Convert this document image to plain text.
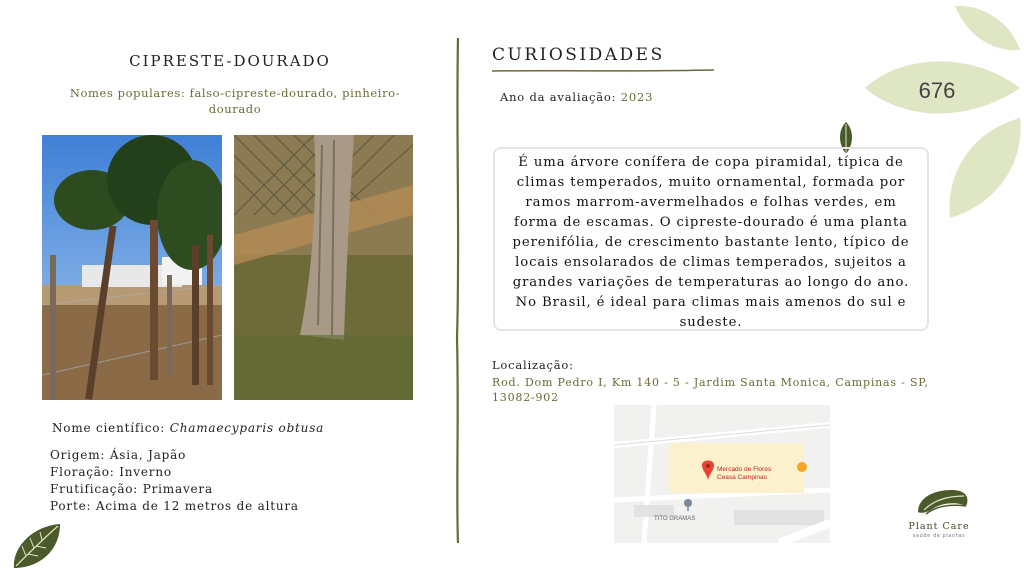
676
CIPRESTE-DOURADO
Nomes populares: falso-cipreste-dourado, pinheiro-dourado
Nome científico: Chamaecyparis obtusa
Origem: Ásia, Japão
Floração: Inverno
Frutificação: Primavera
Porte: Acima de 12 metros de altura
CURIOSIDADES
Ano da avaliação: 2023
É uma árvore conífera de copa piramidal, típica de climas temperados, muito ornamental, formada por ramos marrom-avermelhados e folhas verdes, em forma de escamas. O cipreste-dourado é uma planta perenifólia, de crescimento bastante lento, típico de locais ensolarados de climas temperados, sujeitos a grandes variações de temperaturas ao longo do ano. No Brasil, é ideal para climas mais amenos do sul e sudeste.
Localização:
Rod. Dom Pedro I, Km 140 - 5 - Jardim Santa Monica, Campinas - SP, 13082-902
Mercado de Flores
Ceasa Campinas
TITO GRAMAS
Plant Care
saúde de plantas
